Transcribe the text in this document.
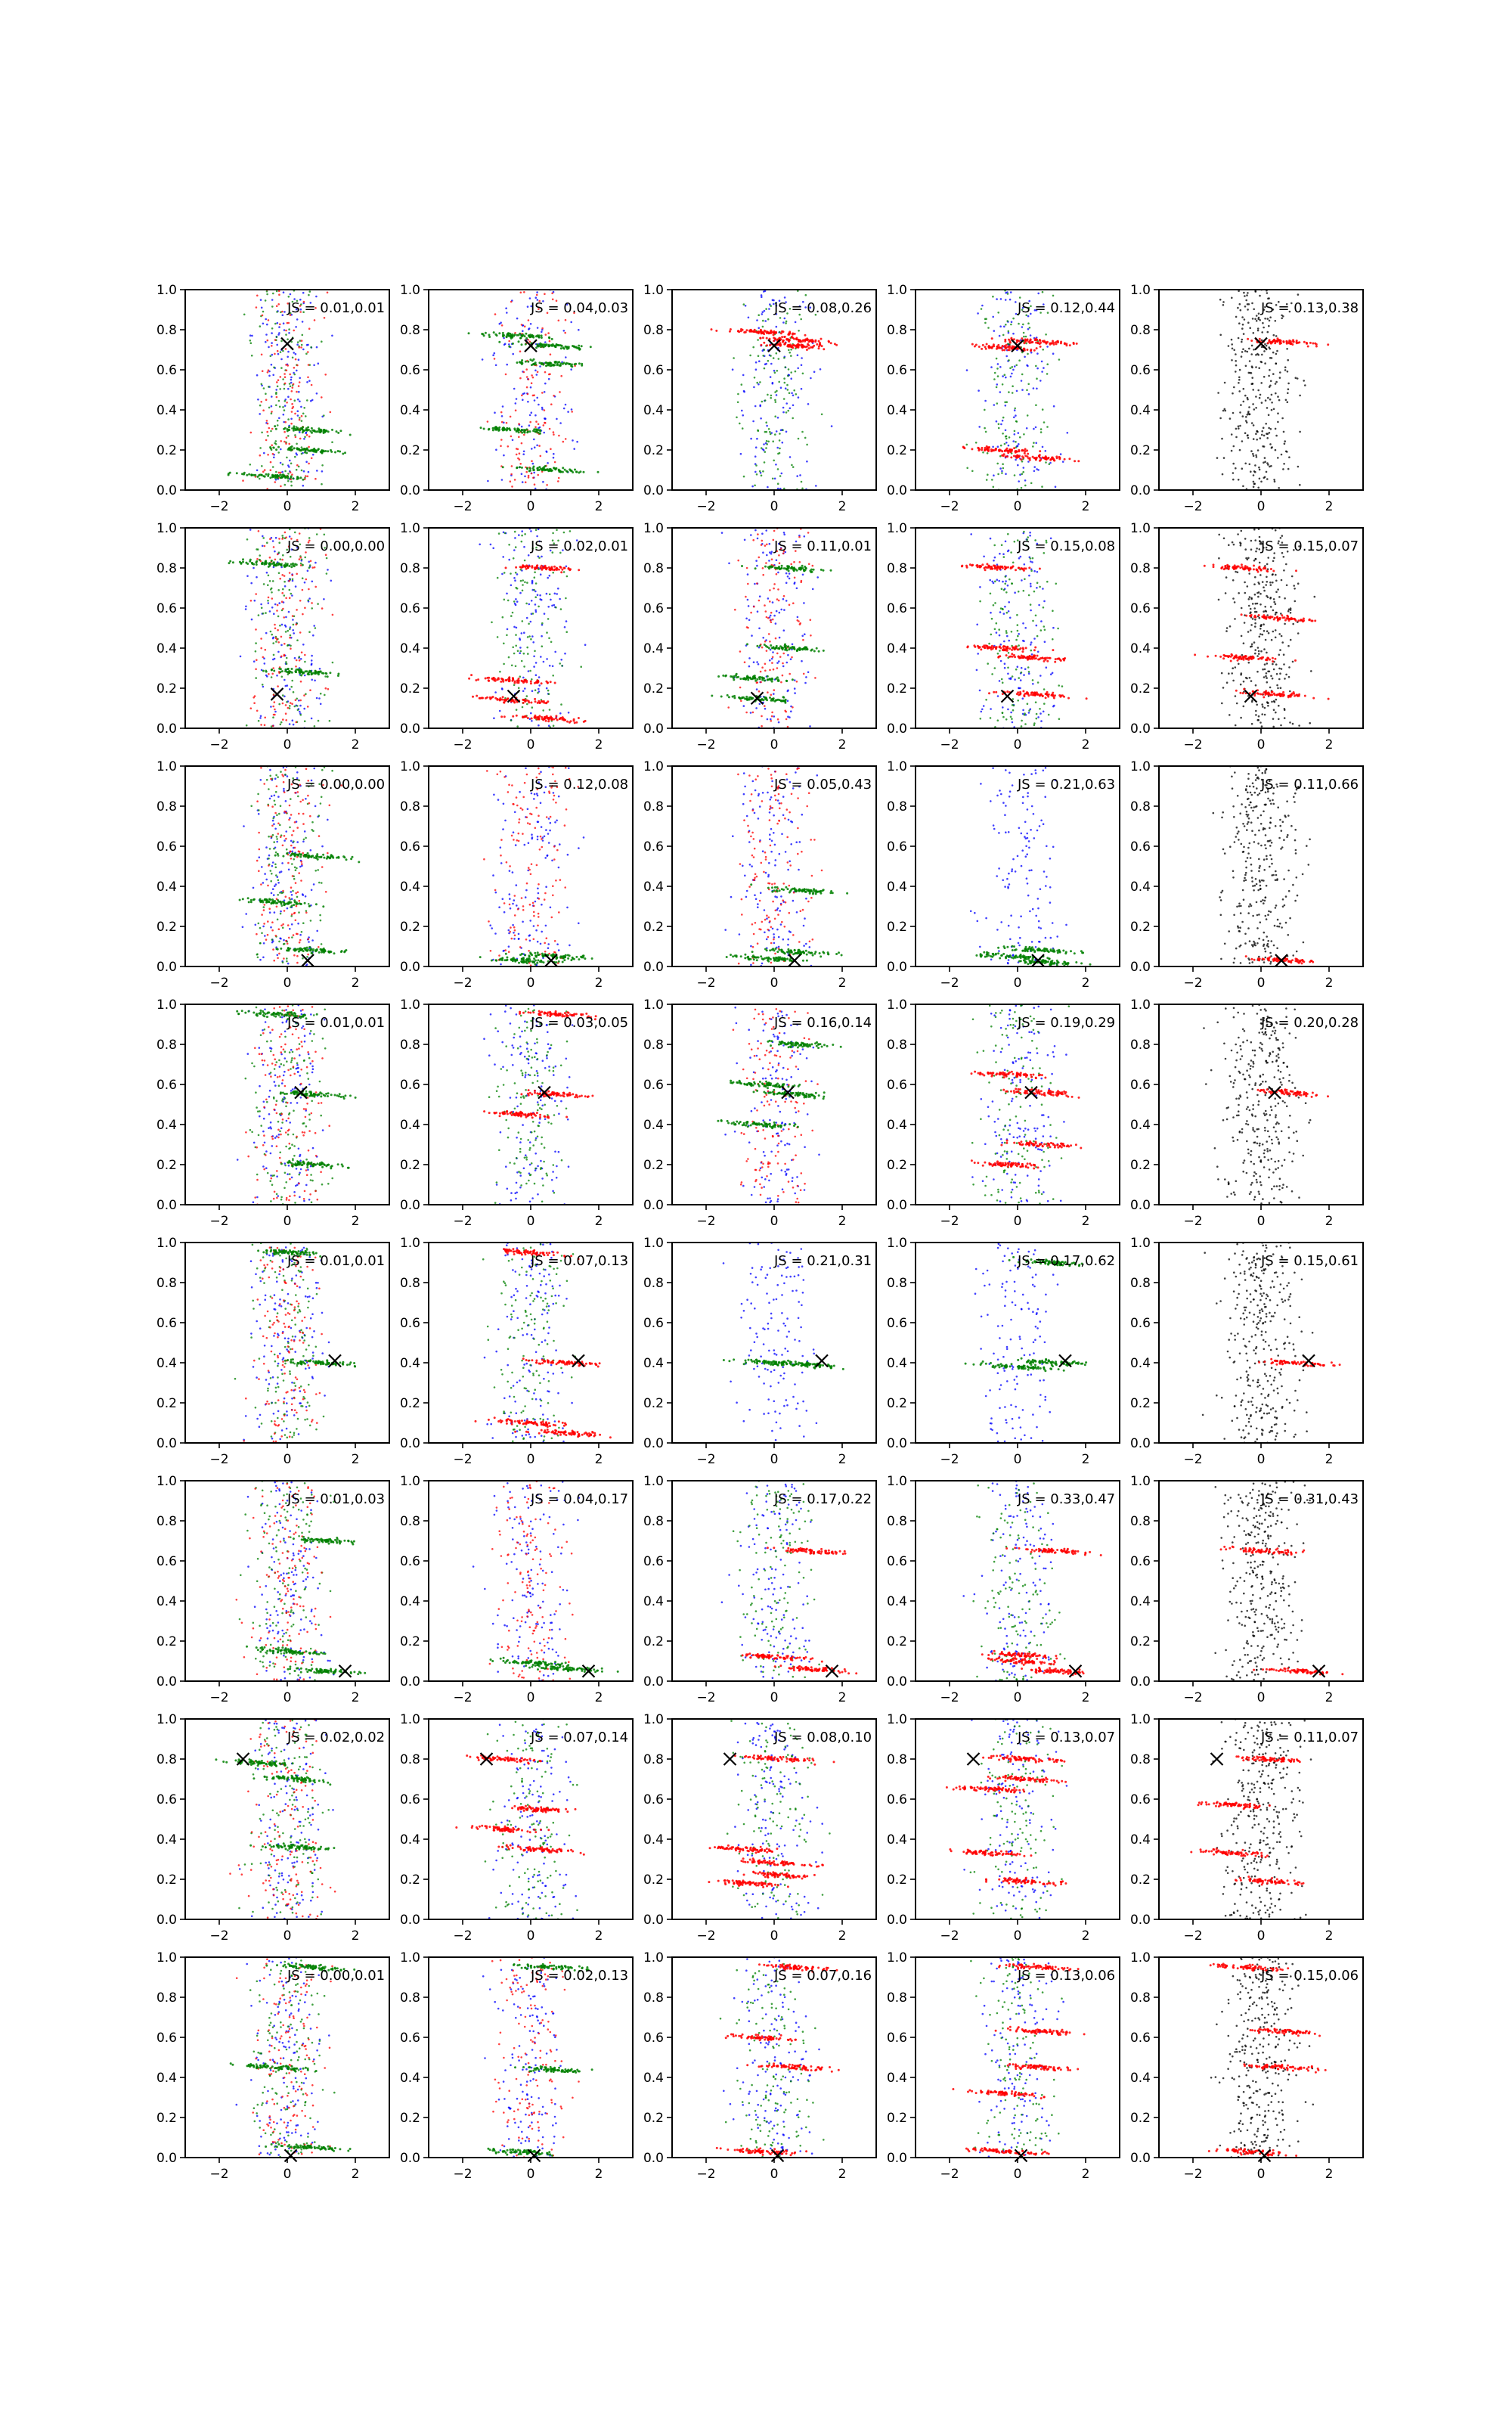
−2	0	2
0.0
0.2
0.4
0.6
0.8
1.0
JS = 0.01,0.01
−2	0	2
0.0
0.2
0.4
0.6
0.8
1.0
JS = 0.04,0.03
−2	0	2
0.0
0.2
0.4
0.6
0.8
1.0
JS = 0.08,0.26
−2	0	2
0.0
0.2
0.4
0.6
0.8
1.0
JS = 0.12,0.44
−2	0	2
0.0
0.2
0.4
0.6
0.8
1.0
JS = 0.13,0.38
−2	0	2
0.0
0.2
0.4
0.6
0.8
1.0
JS = 0.00,0.00
−2	0	2
0.0
0.2
0.4
0.6
0.8
1.0
JS = 0.02,0.01
−2	0	2
0.0
0.2
0.4
0.6
0.8
1.0
JS = 0.11,0.01
−2	0	2
0.0
0.2
0.4
0.6
0.8
1.0
JS = 0.15,0.08
−2	0	2
0.0
0.2
0.4
0.6
0.8
1.0
JS = 0.15,0.07
−2	0	2
0.0
0.2
0.4
0.6
0.8
1.0
JS = 0.00,0.00
−2	0	2
0.0
0.2
0.4
0.6
0.8
1.0
JS = 0.12,0.08
−2	0	2
0.0
0.2
0.4
0.6
0.8
1.0
JS = 0.05,0.43
−2	0	2
0.0
0.2
0.4
0.6
0.8
1.0
JS = 0.21,0.63
−2	0	2
0.0
0.2
0.4
0.6
0.8
1.0
JS = 0.11,0.66
−2	0	2
0.0
0.2
0.4
0.6
0.8
1.0
JS = 0.01,0.01
−2	0	2
0.0
0.2
0.4
0.6
0.8
1.0
JS = 0.03,0.05
−2	0	2
0.0
0.2
0.4
0.6
0.8
1.0
JS = 0.16,0.14
−2	0	2
0.0
0.2
0.4
0.6
0.8
1.0
JS = 0.19,0.29
−2	0	2
0.0
0.2
0.4
0.6
0.8
1.0
JS = 0.20,0.28
−2	0	2
0.0
0.2
0.4
0.6
0.8
1.0
JS = 0.01,0.01
−2	0	2
0.0
0.2
0.4
0.6
0.8
1.0
JS = 0.07,0.13
−2	0	2
0.0
0.2
0.4
0.6
0.8
1.0
JS = 0.21,0.31
−2	0	2
0.0
0.2
0.4
0.6
0.8
1.0
JS = 0.17,0.62
−2	0	2
0.0
0.2
0.4
0.6
0.8
1.0
JS = 0.15,0.61
−2	0	2
0.0
0.2
0.4
0.6
0.8
1.0
JS = 0.01,0.03
−2	0	2
0.0
0.2
0.4
0.6
0.8
1.0
JS = 0.04,0.17
−2	0	2
0.0
0.2
0.4
0.6
0.8
1.0
JS = 0.17,0.22
−2	0	2
0.0
0.2
0.4
0.6
0.8
1.0
JS = 0.33,0.47
−2	0	2
0.0
0.2
0.4
0.6
0.8
1.0
JS = 0.31,0.43
−2	0	2
0.0
0.2
0.4
0.6
0.8
1.0
JS = 0.02,0.02
−2	0	2
0.0
0.2
0.4
0.6
0.8
1.0
JS = 0.07,0.14
−2	0	2
0.0
0.2
0.4
0.6
0.8
1.0
JS = 0.08,0.10
−2	0	2
0.0
0.2
0.4
0.6
0.8
1.0
JS = 0.13,0.07
−2	0	2
0.0
0.2
0.4
0.6
0.8
1.0
JS = 0.11,0.07
−2	0	2
0.0
0.2
0.4
0.6
0.8
1.0
JS = 0.00,0.01
−2	0	2
0.0
0.2
0.4
0.6
0.8
1.0
JS = 0.02,0.13
−2	0	2
0.0
0.2
0.4
0.6
0.8
1.0
JS = 0.07,0.16
−2	0	2
0.0
0.2
0.4
0.6
0.8
1.0
JS = 0.13,0.06
−2	0	2
0.0
0.2
0.4
0.6
0.8
1.0
JS = 0.15,0.06
